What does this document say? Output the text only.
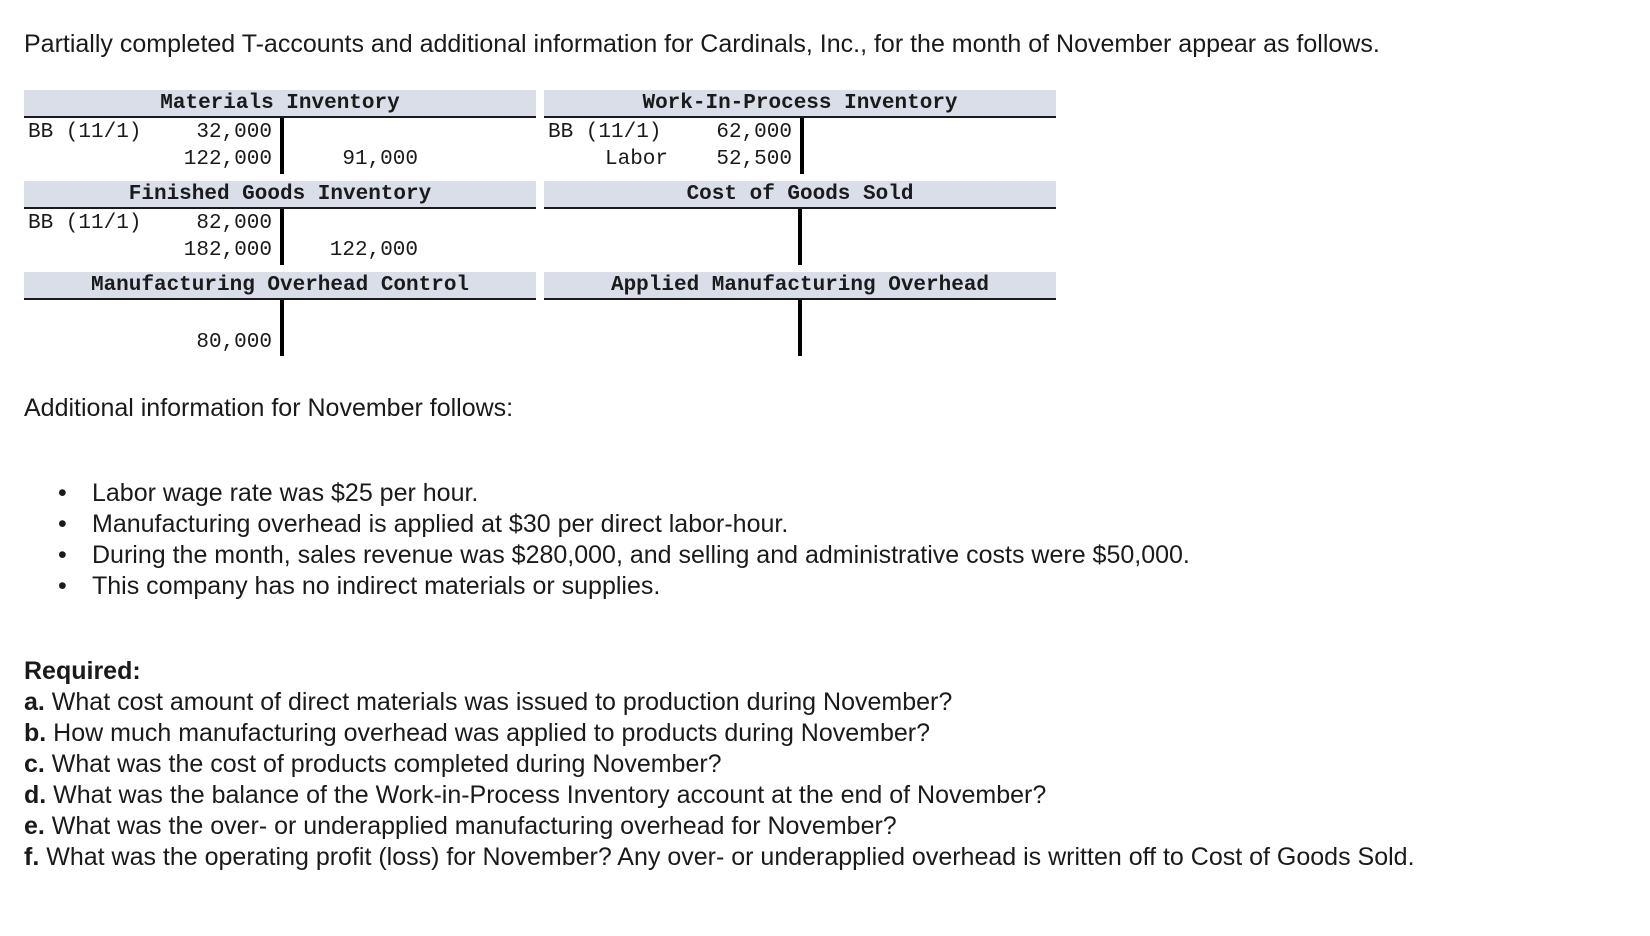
Partially completed T-accounts and additional information for Cardinals, Inc., for the month of November appear as follows.
Materials Inventory
BB (11/1)	32,000
122,000	91,000
Work-In-Process Inventory
BB (11/1)	62,000
Labor	52,500
Finished Goods Inventory
BB (11/1)	82,000
182,000	122,000
Cost of Goods Sold
Manufacturing Overhead Control
80,000
Applied Manufacturing Overhead
Additional information for November follows:
• Labor wage rate was $25 per hour.
• Manufacturing overhead is applied at $30 per direct labor-hour.
• During the month, sales revenue was $280,000, and selling and administrative costs were $50,000.
• This company has no indirect materials or supplies.
Required:
a. What cost amount of direct materials was issued to production during November?
b. How much manufacturing overhead was applied to products during November?
c. What was the cost of products completed during November?
d. What was the balance of the Work-in-Process Inventory account at the end of November?
e. What was the over- or underapplied manufacturing overhead for November?
f. What was the operating profit (loss) for November? Any over- or underapplied overhead is written off to Cost of Goods Sold.
